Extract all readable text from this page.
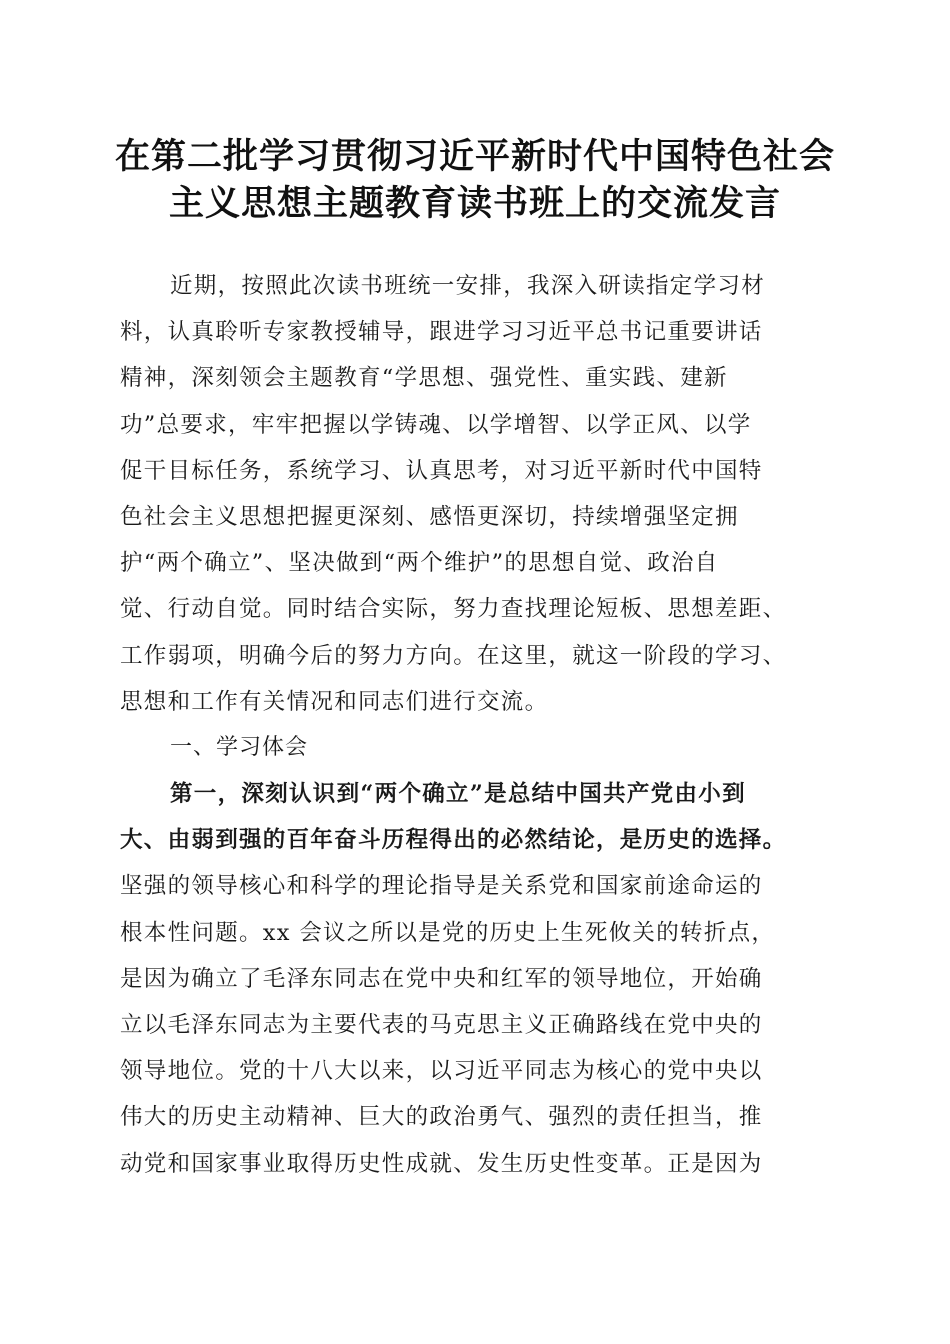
在第二批学习贯彻习近平新时代中国特色社会
主义思想主题教育读书班上的交流发言
近期，按照此次读书班统一安排，我深入研读指定学习材
料，认真聆听专家教授辅导，跟进学习习近平总书记重要讲话
精神，深刻领会主题教育“学思想、强党性、重实践、建新
功”总要求，牢牢把握以学铸魂、以学增智、以学正风、以学
促干目标任务，系统学习、认真思考，对习近平新时代中国特
色社会主义思想把握更深刻、感悟更深切，持续增强坚定拥
护“两个确立”、坚决做到“两个维护”的思想自觉、政治自
觉、行动自觉。同时结合实际，努力查找理论短板、思想差距、
工作弱项，明确今后的努力方向。在这里，就这一阶段的学习、
思想和工作有关情况和同志们进行交流。
一、学习体会
第一，深刻认识到“两个确立”是总结中国共产党由小到
大、由弱到强的百年奋斗历程得出的必然结论，是历史的选择。
坚强的领导核心和科学的理论指导是关系党和国家前途命运的
根本性问题。xx 会议之所以是党的历史上生死攸关的转折点，
是因为确立了毛泽东同志在党中央和红军的领导地位，开始确
立以毛泽东同志为主要代表的马克思主义正确路线在党中央的
领导地位。党的十八大以来，以习近平同志为核心的党中央以
伟大的历史主动精神、巨大的政治勇气、强烈的责任担当，推
动党和国家事业取得历史性成就、发生历史性变革。正是因为
